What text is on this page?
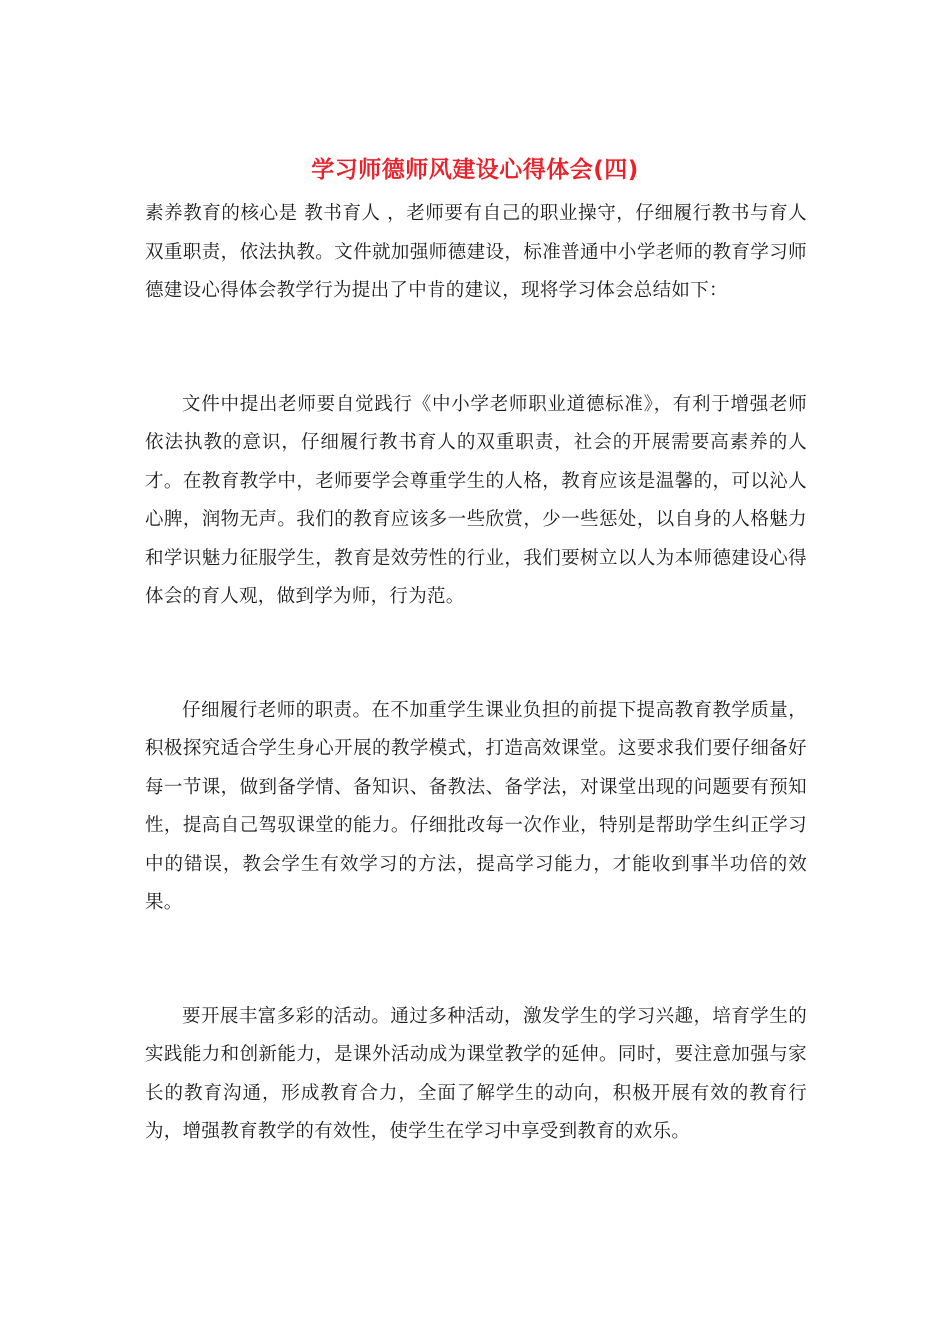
学习师德师风建设心得体会(四)

素养教育的核心是 教书育人 ，老师要有自己的职业操守，仔细履行教书与育人双重职责，依法执教。文件就加强师德建设，标准普通中小学老师的教育学习师德建设心得体会教学行为提出了中肯的建议，现将学习体会总结如下：

文件中提出老师要自觉践行《中小学老师职业道德标准》，有利于增强老师依法执教的意识，仔细履行教书育人的双重职责，社会的开展需要高素养的人才。在教育教学中，老师要学会尊重学生的人格，教育应该是温馨的，可以沁人心脾，润物无声。我们的教育应该多一些欣赏，少一些惩处，以自身的人格魅力和学识魅力征服学生，教育是效劳性的行业，我们要树立以人为本师德建设心得体会的育人观，做到学为师，行为范。

仔细履行老师的职责。在不加重学生课业负担的前提下提高教育教学质量，积极探究适合学生身心开展的教学模式，打造高效课堂。这要求我们要仔细备好每一节课，做到备学情、备知识、备教法、备学法，对课堂出现的问题要有预知性，提高自己驾驭课堂的能力。仔细批改每一次作业，特别是帮助学生纠正学习中的错误，教会学生有效学习的方法，提高学习能力，才能收到事半功倍的效果。

要开展丰富多彩的活动。通过多种活动，激发学生的学习兴趣，培育学生的实践能力和创新能力，是课外活动成为课堂教学的延伸。同时，要注意加强与家长的教育沟通，形成教育合力，全面了解学生的动向，积极开展有效的教育行为，增强教育教学的有效性，使学生在学习中享受到教育的欢乐。
